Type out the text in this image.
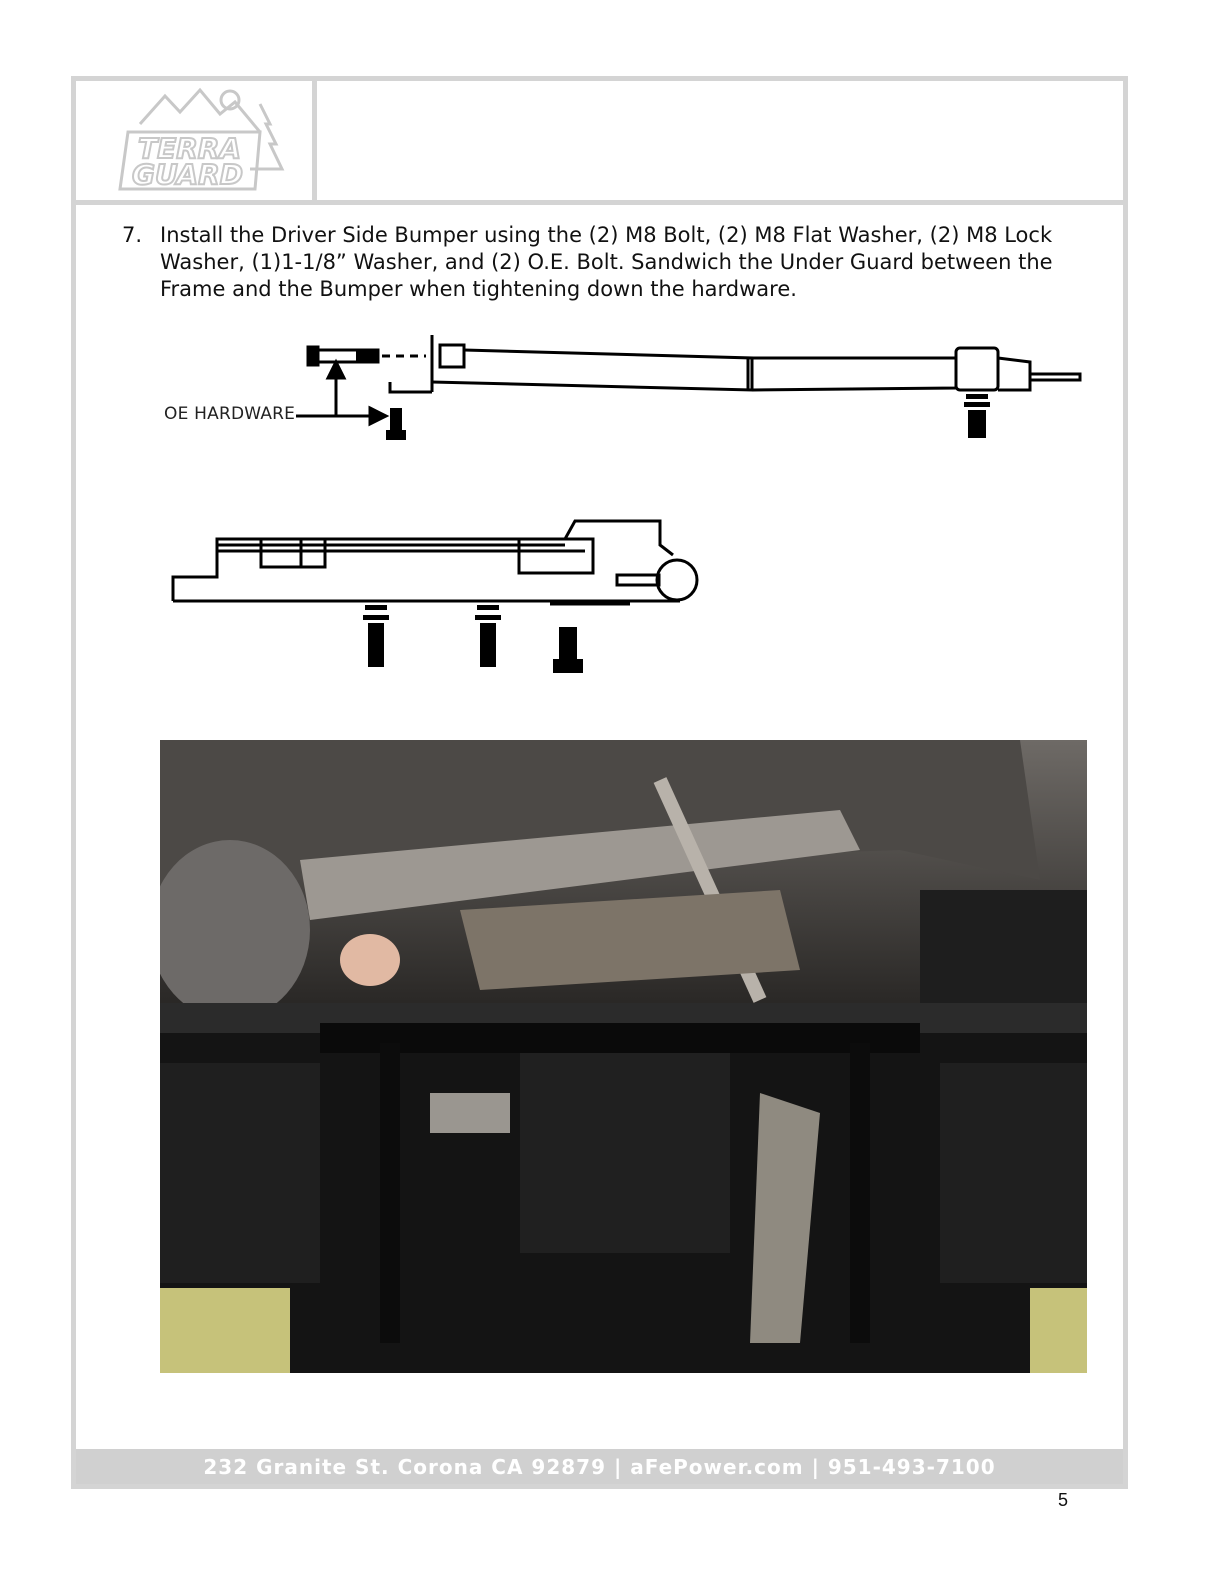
TERRA
GUARD
7. Install the Driver Side Bumper using the (2) M8 Bolt, (2) M8 Flat Washer, (2) M8 Lock Washer, (1)1-1/8” Washer, and (2) O.E. Bolt. Sandwich the Under Guard between the Frame and the Bumper when tightening down the hardware.
OE HARDWARE
232 Granite St. Corona CA 92879 | aFePower.com | 951-493-7100
5
